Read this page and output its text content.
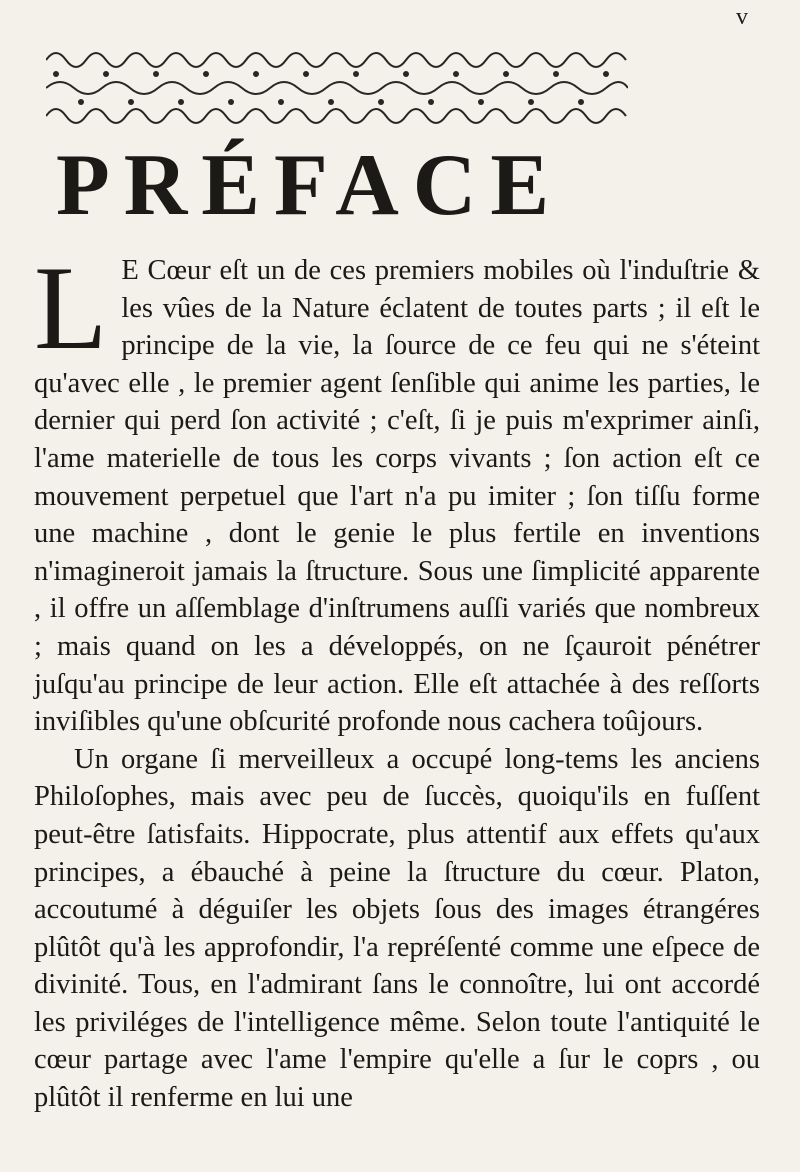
v
PRÉFACE
L E Cœur eſt un de ces premiers mobiles où l'induſtrie & les vûes de la Nature éclatent de toutes parts ; il eſt le principe de la vie, la ſource de ce feu qui ne s'éteint qu'avec elle , le premier agent ſenſible qui anime les parties, le dernier qui perd ſon activité ; c'eſt, ſi je puis m'exprimer ainſi, l'ame materielle de tous les corps vivants ; ſon action eſt ce mouvement perpetuel que l'art n'a pu imiter ; ſon tiſſu forme une machine , dont le genie le plus fertile en inventions n'imagineroit jamais la ſtructure. Sous une ſimplicité apparente , il offre un aſſemblage d'inſtrumens auſſi variés que nombreux ; mais quand on les a développés, on ne ſçauroit pénétrer juſqu'au principe de leur action. Elle eſt attachée à des reſſorts inviſibles qu'une obſcurité profonde nous cachera toûjours.

Un organe ſi merveilleux a occupé long-tems les anciens Philoſophes, mais avec peu de ſuccès, quoiqu'ils en fuſſent peut-être ſatisfaits. Hippocrate, plus attentif aux effets qu'aux principes, a ébauché à peine la ſtructure du cœur. Platon, accoutumé à déguiſer les objets ſous des images étrangéres plûtôt qu'à les approfondir, l'a repréſenté comme une eſpece de divinité. Tous, en l'admirant ſans le connoître, lui ont accordé les priviléges de l'intelligence même. Selon toute l'antiquité le cœur partage avec l'ame l'empire qu'elle a ſur le coprs , ou plûtôt il renferme en lui une
